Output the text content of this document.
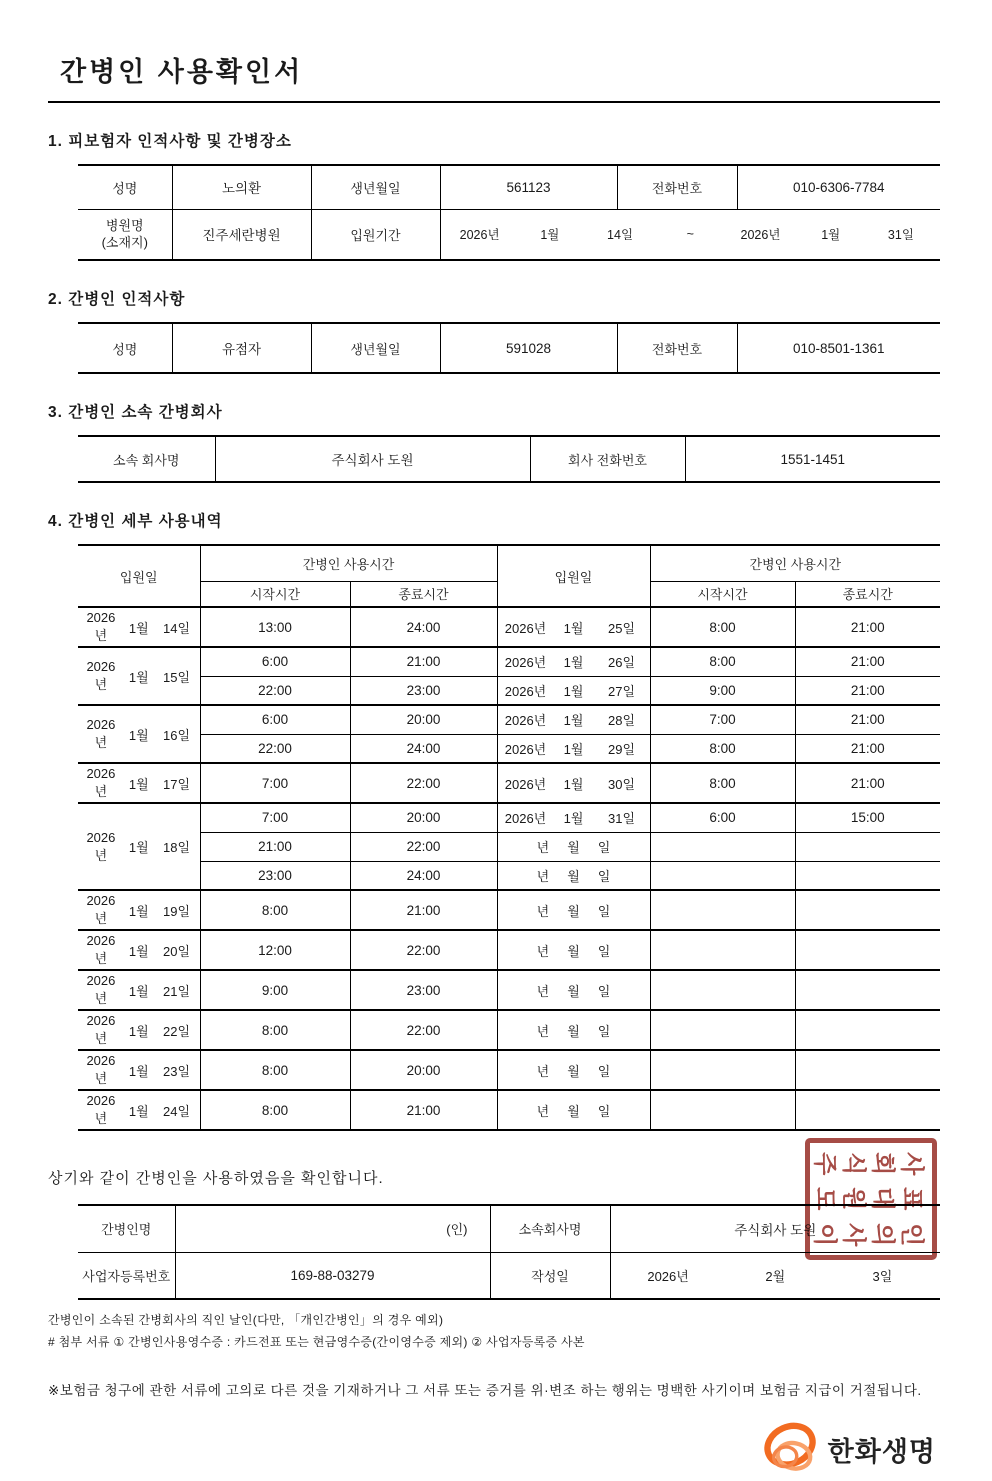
간병인 사용확인서
1. 피보험자 인적사항 및 간병장소
성명	노의환	생년월일	561123	전화번호	010-6306-7784

병원명
(소재지)	진주세란병원	입원기간	2026년	1월	14일	~	2026년	1월	31일
2. 간병인 인적사항
성명	유점자	생년월일	591028	전화번호	010-8501-1361
3. 간병인 소속 간병회사
소속 회사명	주식회사 도원	회사 전화번호	1551-1451
4. 간병인 세부 사용내역
입원일	간병인 사용시간		입원일	간병인 사용시간	
	시작시간	종료시간		시작시간	종료시간

2026년 1월 14일	13:00	24:00	2026년 1월 25일	8:00	21:00

2026년 1월 15일	6:00	21:00	2026년 1월 26일	8:00	21:00
	22:00	23:00	2026년 1월 27일	9:00	21:00

2026년 1월 16일	6:00	20:00	2026년 1월 28일	7:00	21:00
	22:00	24:00	2026년 1월 29일	8:00	21:00

2026년 1월 17일	7:00	22:00	2026년 1월 30일	8:00	21:00

2026년 1월 18일	7:00	20:00	2026년 1월 31일	6:00	15:00
	21:00	22:00	년 월 일		

	23:00	24:00	년 월 일		

2026년 1월 19일	8:00	21:00	년 월 일		

2026년 1월 20일	12:00	22:00	년 월 일		

2026년 1월 21일	9:00	23:00	년 월 일		

2026년 1월 22일	8:00	22:00	년 월 일		

2026년 1월 23일	8:00	20:00	년 월 일		

2026년 1월 24일	8:00	21:00	년 월 일		

상기와 같이 간병인을 사용하였음을 확인합니다.

간병인명	(인)	소속회사명	주식회사 도원
사업자등록번호	169-88-03279	작성일	2026년 2월 3일
주 식 회 사
도 원 대 표
이 사 의 인
간병인이 소속된 간병회사의 직인 날인(다만, 「개인간병인」의 경우 예외)
# 첨부 서류 ① 간병인사용영수증 : 카드전표 또는 현금영수증(간이영수증 제외) ② 사업자등록증 사본

※보험금 청구에 관한 서류에 고의로 다른 것을 기재하거나 그 서류 또는 증거를 위·변조 하는 행위는 명백한 사기이며 보험금 지급이 거절됩니다.

한화생명
